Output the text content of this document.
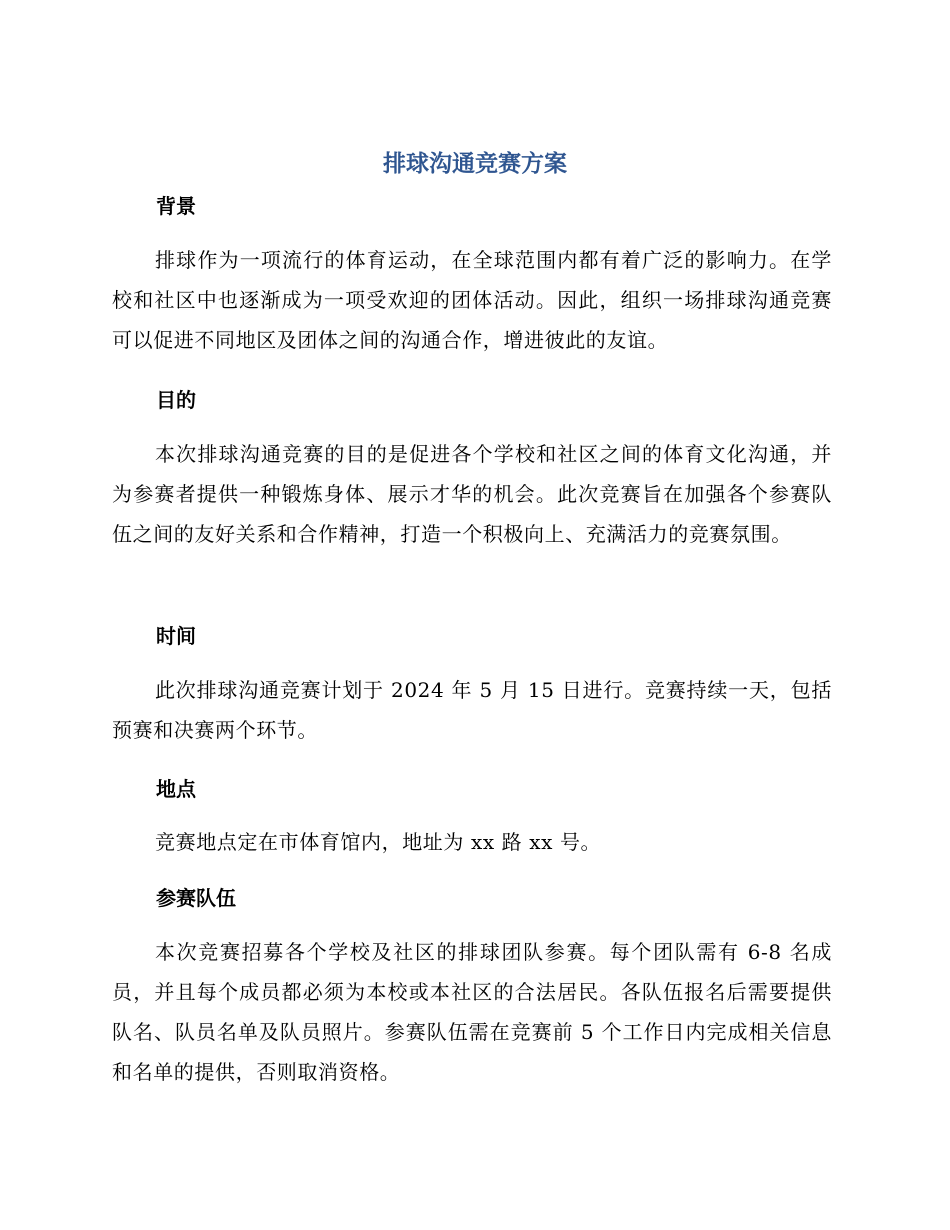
排球沟通竞赛方案
背景

排球作为一项流行的体育运动，在全球范围内都有着广泛的影响力。在学校和社区中也逐渐成为一项受欢迎的团体活动。因此，组织一场排球沟通竞赛可以促进不同地区及团体之间的沟通合作，增进彼此的友谊。

目的

本次排球沟通竞赛的目的是促进各个学校和社区之间的体育文化沟通，并为参赛者提供一种锻炼身体、展示才华的机会。此次竞赛旨在加强各个参赛队伍之间的友好关系和合作精神，打造一个积极向上、充满活力的竞赛氛围。

时间

此次排球沟通竞赛计划于 2024 年 5 月 15 日进行。竞赛持续一天，包括预赛和决赛两个环节。

地点

竞赛地点定在市体育馆内，地址为 xx 路 xx 号。

参赛队伍

本次竞赛招募各个学校及社区的排球团队参赛。每个团队需有 6-8 名成员，并且每个成员都必须为本校或本社区的合法居民。各队伍报名后需要提供队名、队员名单及队员照片。参赛队伍需在竞赛前 5 个工作日内完成相关信息和名单的提供，否则取消资格。
